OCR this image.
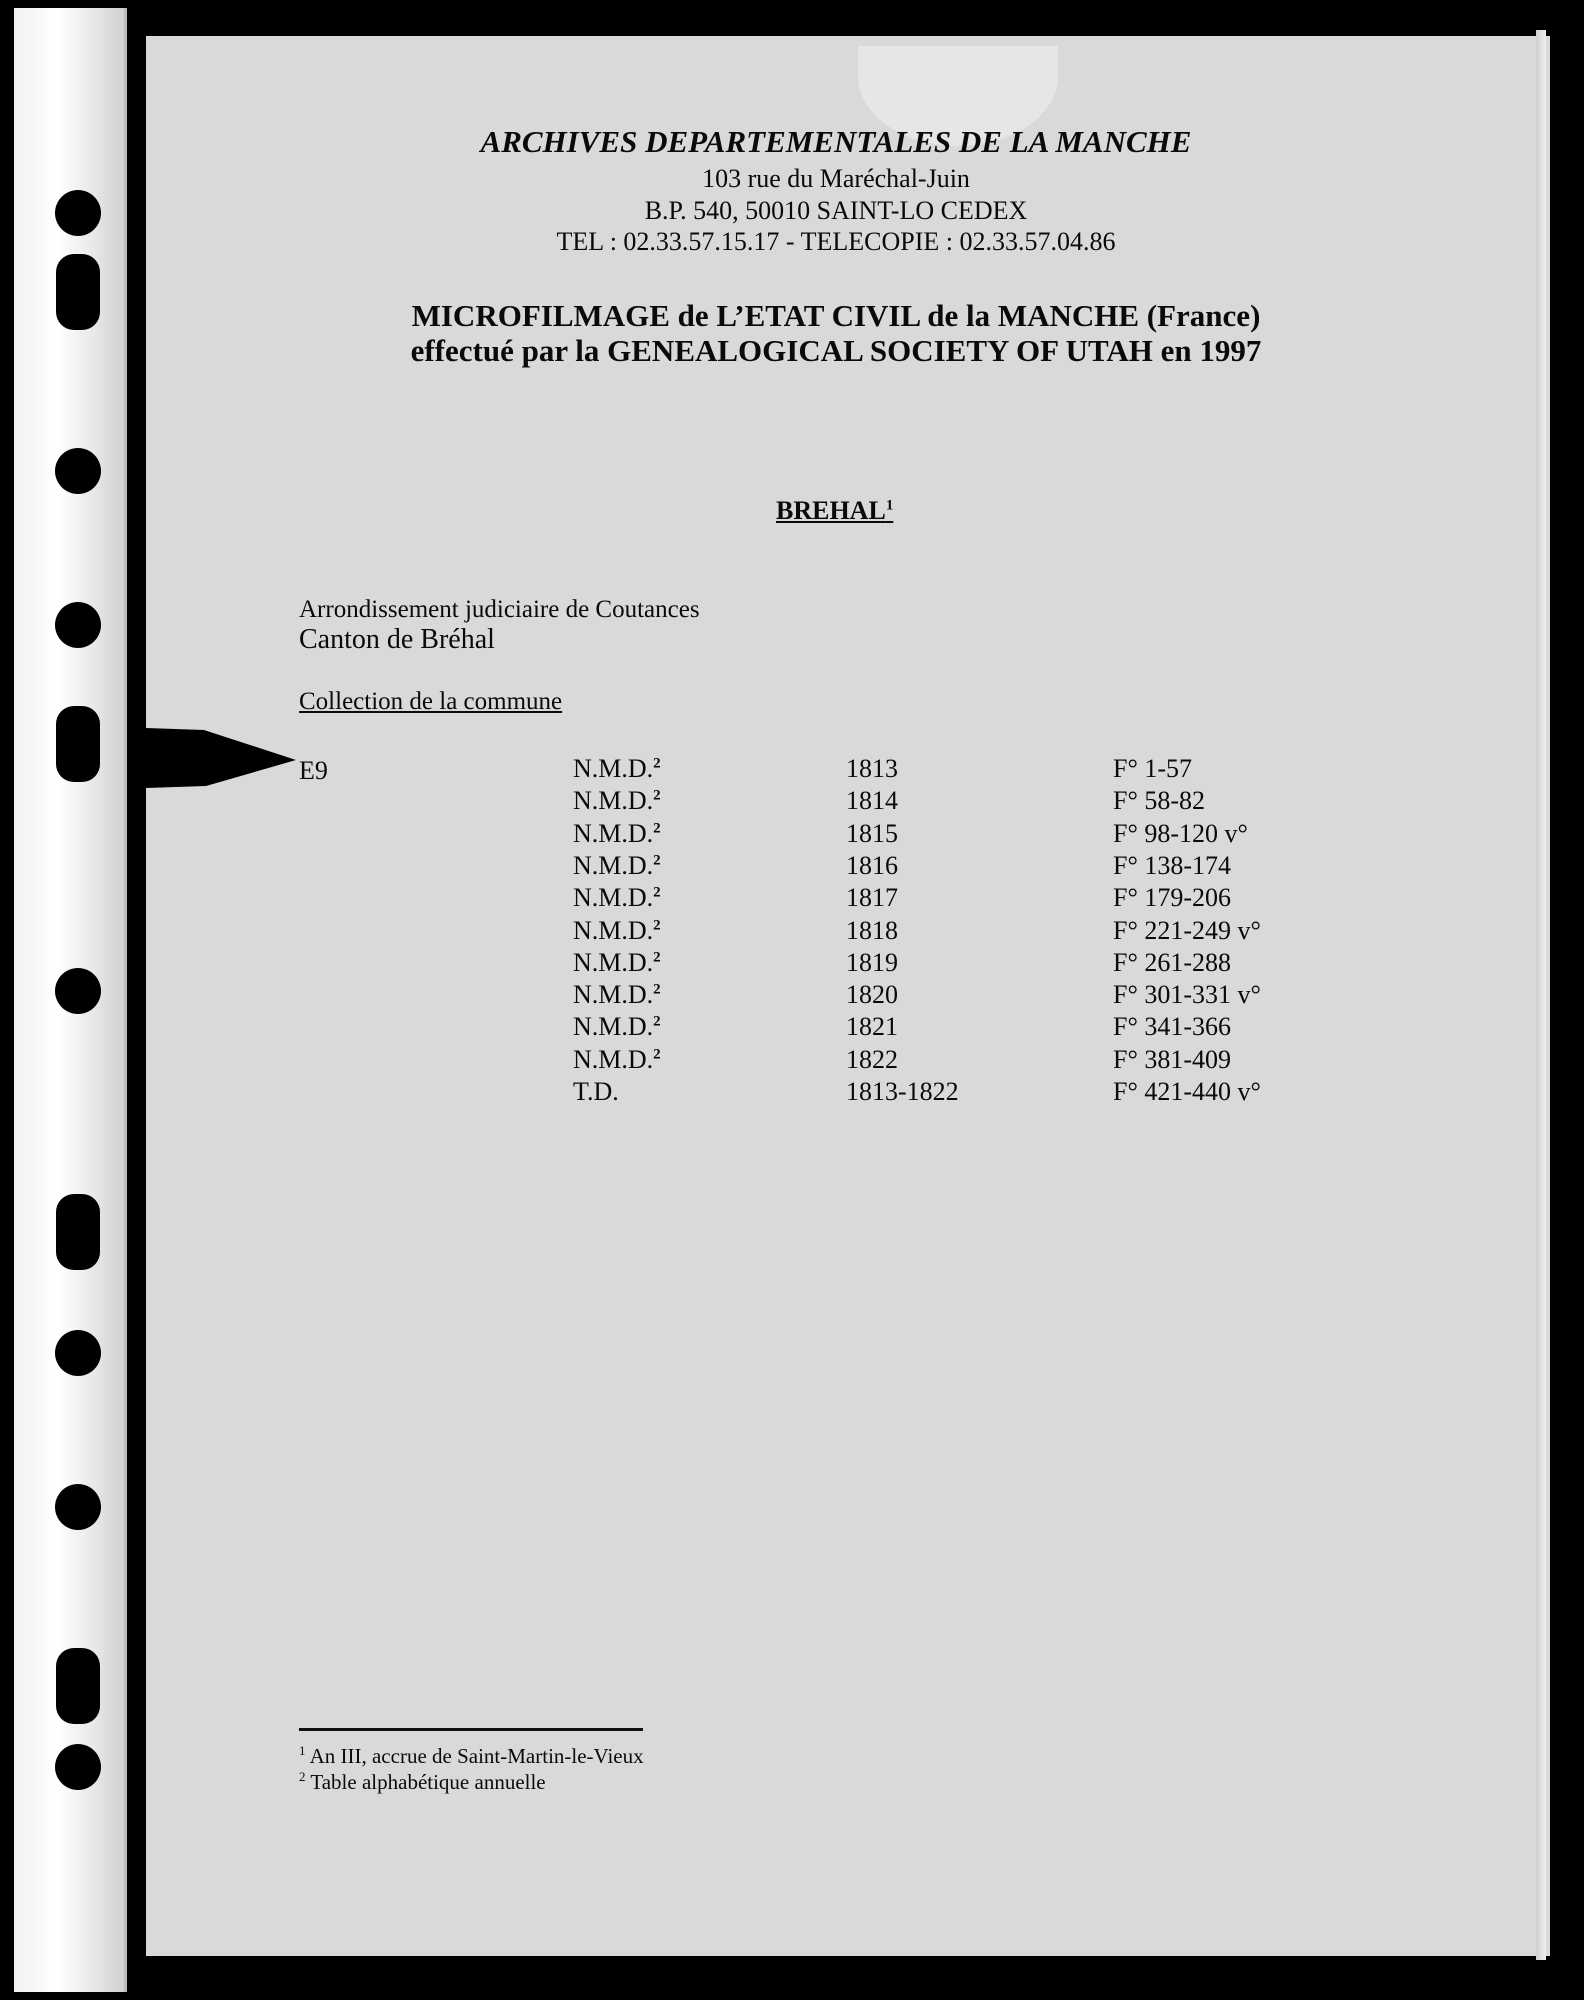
ARCHIVES DEPARTEMENTALES DE LA MANCHE
103 rue du Maréchal-Juin
B.P. 540, 50010 SAINT-LO CEDEX
TEL : 02.33.57.15.17 - TELECOPIE : 02.33.57.04.86
MICROFILMAGE de L’ETAT CIVIL de la MANCHE (France)
effectué par la GENEALOGICAL SOCIETY OF UTAH en 1997
BREHAL$^1$
Arrondissement judiciaire de Coutances
Canton de Bréhal
Collection de la commune
E9	N.M.D.$^2$	1813	F° 1-57
N.M.D.$^2$	1814	F° 58-82
N.M.D.$^2$	1815	F° 98-120 v°
N.M.D.$^2$	1816	F° 138-174
N.M.D.$^2$	1817	F° 179-206
N.M.D.$^2$	1818	F° 221-249 v°
N.M.D.$^2$	1819	F° 261-288
N.M.D.$^2$	1820	F° 301-331 v°
N.M.D.$^2$	1821	F° 341-366
N.M.D.$^2$	1822	F° 381-409
T.D.	1813-1822	F° 421-440 v°
$^1$ An III, accrue de Saint-Martin-le-Vieux
$^2$ Table alphabétique annuelle
